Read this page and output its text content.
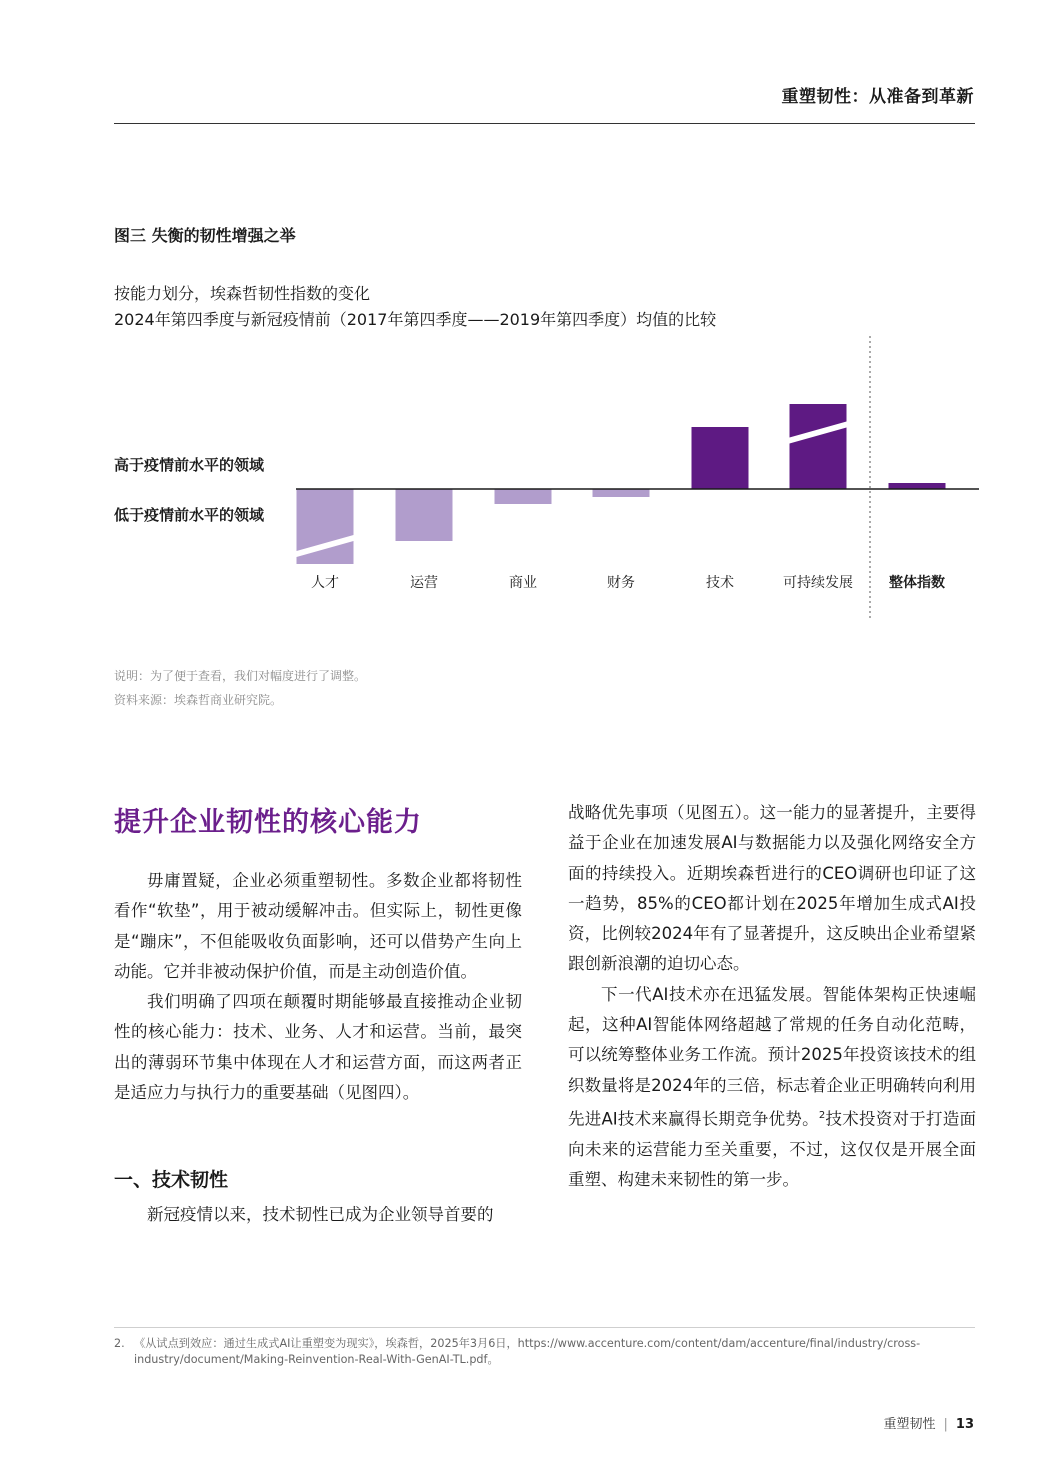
重塑韧性：从准备到革新
图三 失衡的韧性增强之举
按能力划分，埃森哲韧性指数的变化
2024年第四季度与新冠疫情前（2017年第四季度——2019年第四季度）均值的比较
高于疫情前水平的领域
低于疫情前水平的领域
人才	运营	商业	财务	技术	可持续发展	整体指数
说明：为了便于查看，我们对幅度进行了调整。
资料来源：埃森哲商业研究院。
提升企业韧性的核心能力

毋庸置疑，企业必须重塑韧性。多数企业都将韧性看作“软垫”，用于被动缓解冲击。但实际上，韧性更像是“蹦床”，不但能吸收负面影响，还可以借势产生向上动能。它并非被动保护价值，而是主动创造价值。

我们明确了四项在颠覆时期能够最直接推动企业韧性的核心能力：技术、业务、人才和运营。当前，最突出的薄弱环节集中体现在人才和运营方面，而这两者正是适应力与执行力的重要基础（见图四）。

一、技术韧性

新冠疫情以来，技术韧性已成为企业领导首要的

战略优先事项（见图五）。这一能力的显著提升，主要得益于企业在加速发展AI与数据能力以及强化网络安全方面的持续投入。近期埃森哲进行的CEO调研也印证了这一趋势，85%的CEO都计划在2025年增加生成式AI投资，比例较2024年有了显著提升，这反映出企业希望紧跟创新浪潮的迫切心态。

下一代AI技术亦在迅猛发展。智能体架构正快速崛起，这种AI智能体网络超越了常规的任务自动化范畴，可以统筹整体业务工作流。预计2025年投资该技术的组织数量将是2024年的三倍，标志着企业正明确转向利用先进AI技术来赢得长期竞争优势。$^2$技术投资对于打造面向未来的运营能力至关重要，不过，这仅仅是开展全面重塑、构建未来韧性的第一步。

2. 《从试点到效应：通过生成式AI让重塑变为现实》，埃森哲，2025年3月6日，https://www.accenture.com/content/dam/accenture/final/industry/cross-industry/document/Making-Reinvention-Real-With-GenAI-TL.pdf。
重塑韧性 | 13
